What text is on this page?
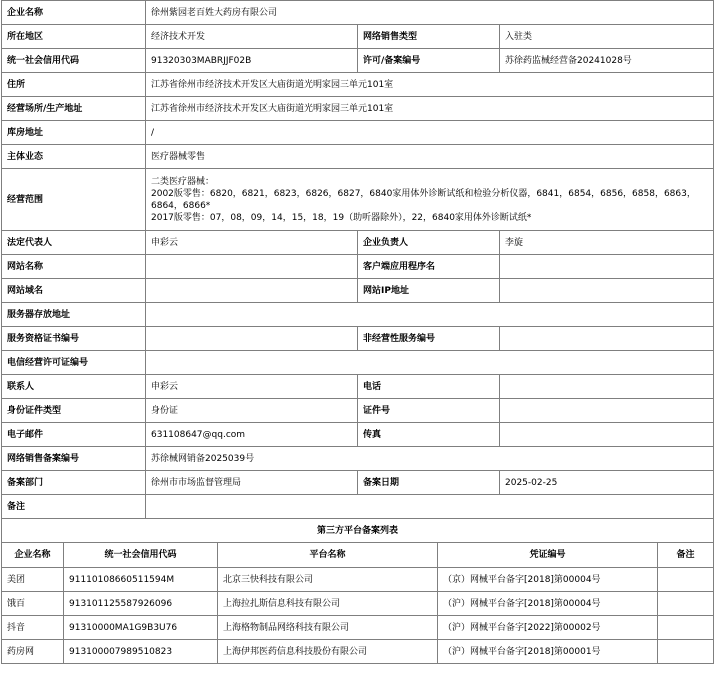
企业名称	徐州紫园老百姓大药房有限公司		
所在地区	经济技术开发	网络销售类型	入驻类
统一社会信用代码	91320303MABRJJF02B	许可/备案编号	苏徐药监械经营备20241028号
住所	江苏省徐州市经济技术开发区大庙街道光明家园三单元101室		
经营场所/生产地址	江苏省徐州市经济技术开发区大庙街道光明家园三单元101室		
库房地址	/		
主体业态	医疗器械零售		
经营范围	二类医疗器械：
2002版零售：6820，6821，6823，6826，6827，6840家用体外诊断试纸和检验分析仪器，6841，6854，6856，6858，6863，6864，6866*
2017版零售：07，08，09，14，15，18，19（助听器除外），22，6840家用体外诊断试纸*		

法定代表人	申彩云	企业负责人	李旋
网站名称		客户端应用程序名	
网站域名		网站IP地址	
服务器存放地址			
服务资格证书编号		非经营性服务编号	
电信经营许可证编号			
联系人	申彩云	电话	
身份证件类型	身份证	证件号	
电子邮件	631108647@qq.com	传真	
网络销售备案编号	苏徐械网销备2025039号		
备案部门	徐州市市场监督管理局	备案日期	2025-02-25
备注			
第三方平台备案列表				
企业名称	统一社会信用代码	平台名称	凭证编号	备注
美团	91110108660511594M	北京三快科技有限公司	（京）网械平台备字[2018]第00004号	
饿百	913101125587926096	上海拉扎斯信息科技有限公司	（沪）网械平台备字[2018]第00004号	
抖音	91310000MA1G9B3U76	上海格物制品网络科技有限公司	（沪）网械平台备字[2022]第00002号	
药房网	913100007989510823	上海伊邦医药信息科技股份有限公司	（沪）网械平台备字[2018]第00001号	
